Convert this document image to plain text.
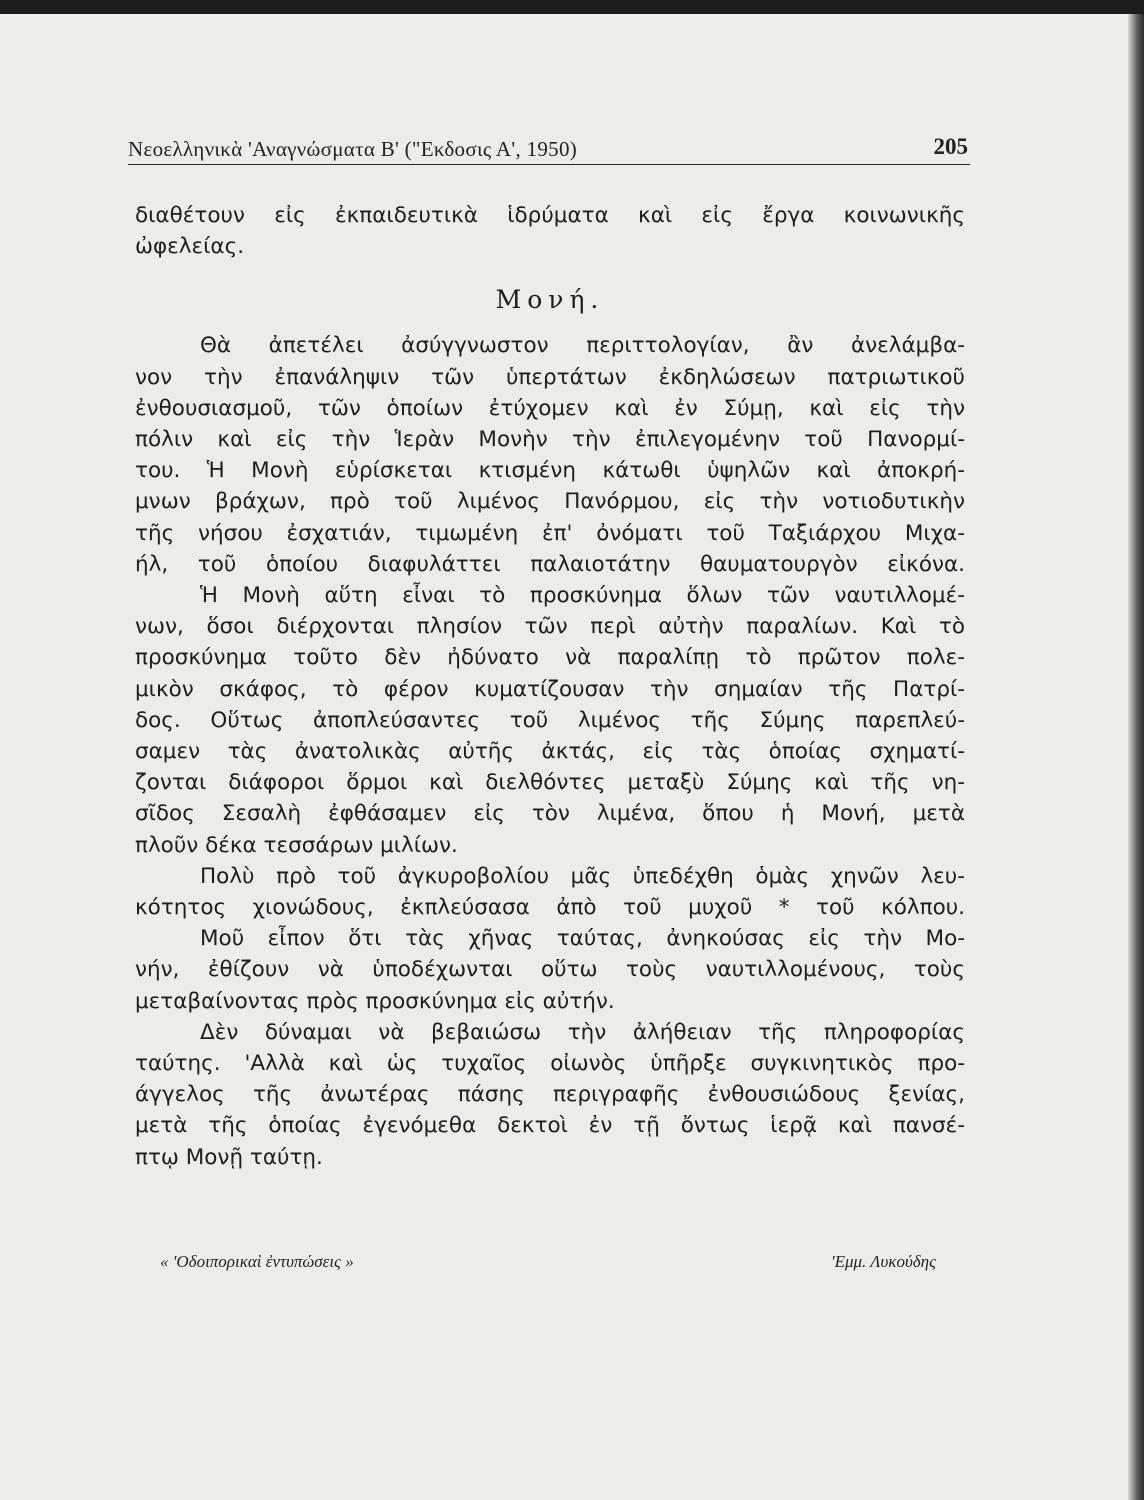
Νεοελληνικὰ 'Αναγνώσματα Β' ("Εκδοσις Α', 1950)	205
διαθέτουν εἰς ἐκπαιδευτικὰ ἱδρύματα καὶ εἰς ἔργα κοινωνικῆς
ὠφελείας.
Μονή.
Θὰ ἀπετέλει ἀσύγγνωστον περιττολογίαν, ἂν ἀνελάμβα-
νον τὴν ἐπανάληψιν τῶν ὑπερτάτων ἐκδηλώσεων πατριωτικοῦ
ἐνθουσιασμοῦ, τῶν ὁποίων ἐτύχομεν καὶ ἐν Σύμῃ, καὶ εἰς τὴν
πόλιν καὶ εἰς τὴν Ἱερὰν Μονὴν τὴν ἐπιλεγομένην τοῦ Πανορμί-
του. Ἡ Μονὴ εὑρίσκεται κτισμένη κάτωθι ὑψηλῶν καὶ ἀποκρή-
μνων βράχων, πρὸ τοῦ λιμένος Πανόρμου, εἰς τὴν νοτιοδυτικὴν
τῆς νήσου ἐσχατιάν, τιμωμένη ἐπ' ὀνόματι τοῦ Ταξιάρχου Μιχα-
ήλ, τοῦ ὁποίου διαφυλάττει παλαιοτάτην θαυματουργὸν εἰκόνα.
Ἡ Μονὴ αὕτη εἶναι τὸ προσκύνημα ὅλων τῶν ναυτιλλομέ-
νων, ὅσοι διέρχονται πλησίον τῶν περὶ αὐτὴν παραλίων. Καὶ τὸ
προσκύνημα τοῦτο δὲν ἠδύνατο νὰ παραλίπῃ τὸ πρῶτον πολε-
μικὸν σκάφος, τὸ φέρον κυματίζουσαν τὴν σημαίαν τῆς Πατρί-
δος. Οὕτως ἀποπλεύσαντες τοῦ λιμένος τῆς Σύμης παρεπλεύ-
σαμεν τὰς ἀνατολικὰς αὐτῆς ἀκτάς, εἰς τὰς ὁποίας σχηματί-
ζονται διάφοροι ὅρμοι καὶ διελθόντες μεταξὺ Σύμης καὶ τῆς νη-
σῖδος Σεσαλὴ ἐφθάσαμεν εἰς τὸν λιμένα, ὅπου ἡ Μονή, μετὰ
πλοῦν δέκα τεσσάρων μιλίων.
Πολὺ πρὸ τοῦ ἀγκυροβολίου μᾶς ὑπεδέχθη ὁμὰς χηνῶν λευ-
κότητος χιονώδους, ἐκπλεύσασα ἀπὸ τοῦ μυχοῦ * τοῦ κόλπου.
Μοῦ εἶπον ὅτι τὰς χῆνας ταύτας, ἀνηκούσας εἰς τὴν Μο-
νήν, ἐθίζουν νὰ ὑποδέχωνται οὕτω τοὺς ναυτιλλομένους, τοὺς
μεταβαίνοντας πρὸς προσκύνημα εἰς αὐτήν.
Δὲν δύναμαι νὰ βεβαιώσω τὴν ἀλήθειαν τῆς πληροφορίας
ταύτης. 'Αλλὰ καὶ ὡς τυχαῖος οἰωνὸς ὑπῆρξε συγκινητικὸς προ-
άγγελος τῆς ἀνωτέρας πάσης περιγραφῆς ἐνθουσιώδους ξενίας,
μετὰ τῆς ὁποίας ἐγενόμεθα δεκτοὶ ἐν τῇ ὄντως ἱερᾷ καὶ πανσέ-
πτῳ Μονῇ ταύτῃ.
« 'Οδοιπορικαὶ ἐντυπώσεις »	'Εμμ. Λυκούδης
